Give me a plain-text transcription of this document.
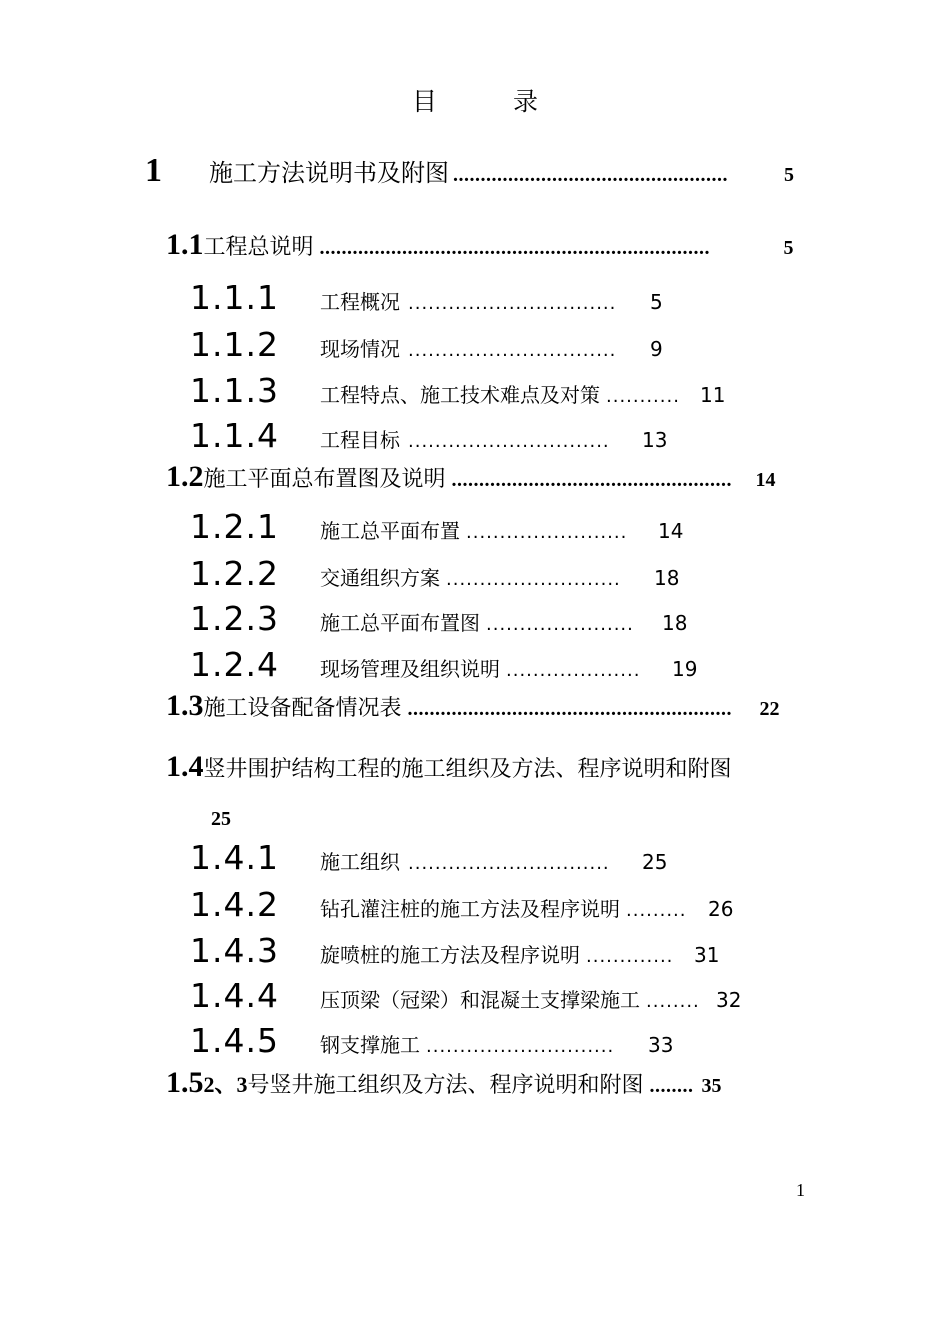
目 录
1	施工方法说明书及附图 ..................................................	5
1.1 工程总说明 .......................................................................	5
1.1.1	工程概况 ...............................	5
1.1.2	现场情况 ...............................	9
1.1.3	工程特点、施工技术难点及对策 ...........	11
1.1.4	工程目标 ..............................	13
1.2 施工平面总布置图及说明 ...................................................	14
1.2.1	施工总平面布置 ........................	14
1.2.2	交通组织方案 ..........................	18
1.2.3	施工总平面布置图 ......................	18
1.2.4	现场管理及组织说明 ....................	19
1.3 施工设备配备情况表 ...........................................................	22
1.4 竖井围护结构工程的施工组织及方法、程序说明和附图
25
1.4.1	施工组织 ..............................	25
1.4.2	钻孔灌注桩的施工方法及程序说明 .........	26
1.4.3	旋喷桩的施工方法及程序说明 .............	31
1.4.4	压顶梁（冠梁）和混凝土支撑梁施工 ........ 32
1.4.5	钢支撑施工 ............................	33
1.5 2、3 号竖井施工组织及方法、程序说明和附图 ........ 35
1
